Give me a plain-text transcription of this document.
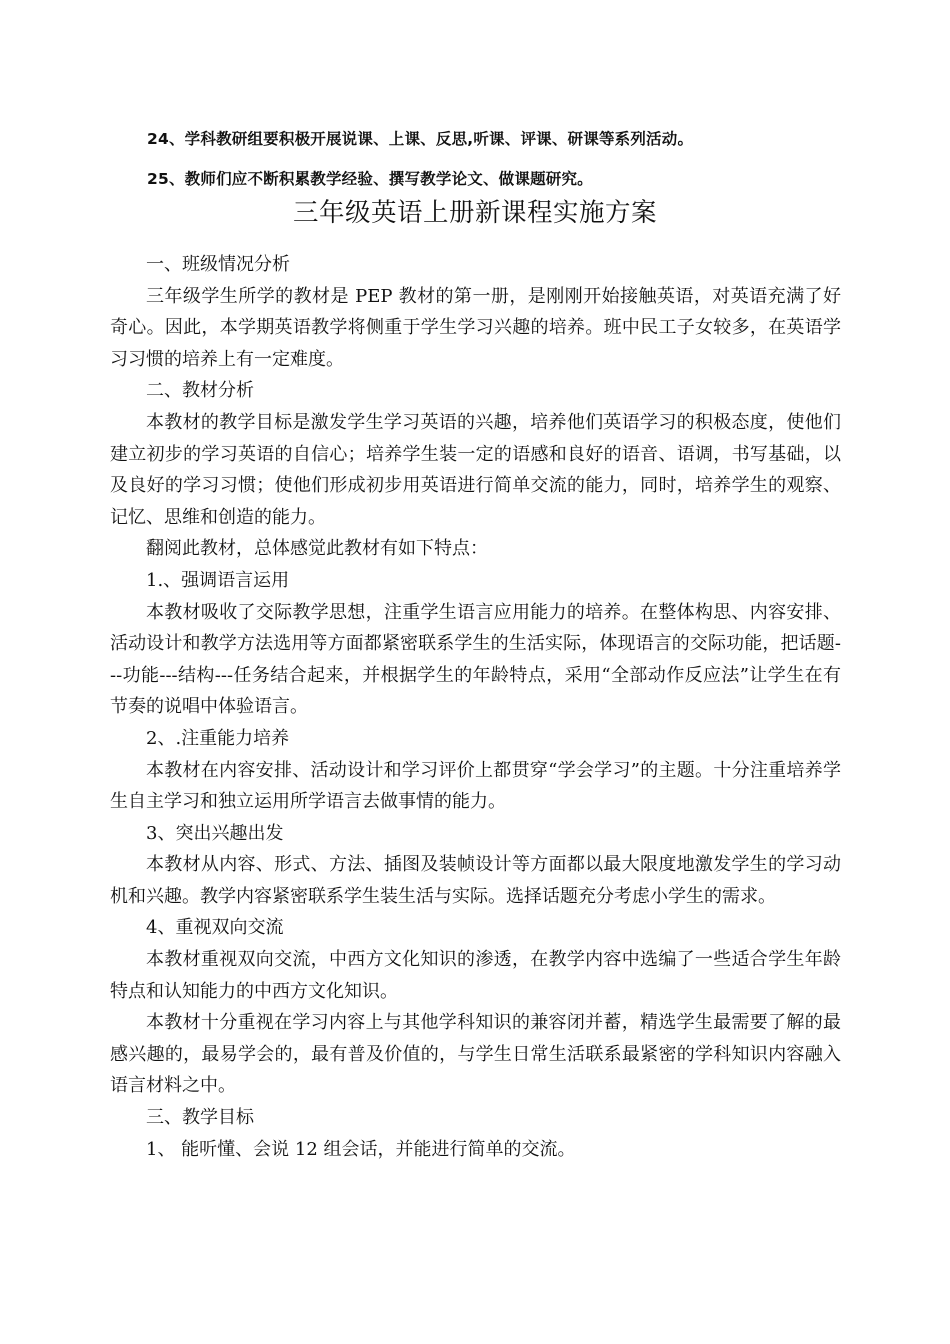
24、学科教研组要积极开展说课、上课、反思,听课、评课、研课等系列活动。
25、教师们应不断积累教学经验、撰写教学论文、做课题研究。
三年级英语上册新课程实施方案

一、班级情况分析

三年级学生所学的教材是 PEP 教材的第一册，是刚刚开始接触英语，对英语充满了好奇心。因此，本学期英语教学将侧重于学生学习兴趣的培养。班中民工子女较多，在英语学习习惯的培养上有一定难度。

二、教材分析

本教材的教学目标是激发学生学习英语的兴趣，培养他们英语学习的积极态度，使他们建立初步的学习英语的自信心；培养学生装一定的语感和良好的语音、语调，书写基础，以及良好的学习习惯；使他们形成初步用英语进行简单交流的能力，同时，培养学生的观察、记忆、思维和创造的能力。

翻阅此教材，总体感觉此教材有如下特点：

1.、强调语言运用

本教材吸收了交际教学思想，注重学生语言应用能力的培养。在整体构思、内容安排、活动设计和教学方法选用等方面都紧密联系学生的生活实际，体现语言的交际功能，把话题---功能---结构---任务结合起来，并根据学生的年龄特点，采用“全部动作反应法”让学生在有节奏的说唱中体验语言。

2、.注重能力培养

本教材在内容安排、活动设计和学习评价上都贯穿“学会学习”的主题。十分注重培养学生自主学习和独立运用所学语言去做事情的能力。

3、突出兴趣出发

本教材从内容、形式、方法、插图及装帧设计等方面都以最大限度地激发学生的学习动机和兴趣。教学内容紧密联系学生装生活与实际。选择话题充分考虑小学生的需求。

4、重视双向交流

本教材重视双向交流，中西方文化知识的渗透，在教学内容中选编了一些适合学生年龄特点和认知能力的中西方文化知识。

本教材十分重视在学习内容上与其他学科知识的兼容闭并蓄，精选学生最需要了解的最感兴趣的，最易学会的，最有普及价值的，与学生日常生活联系最紧密的学科知识内容融入语言材料之中。

三、教学目标

1、 能听懂、会说 12 组会话，并能进行简单的交流。
